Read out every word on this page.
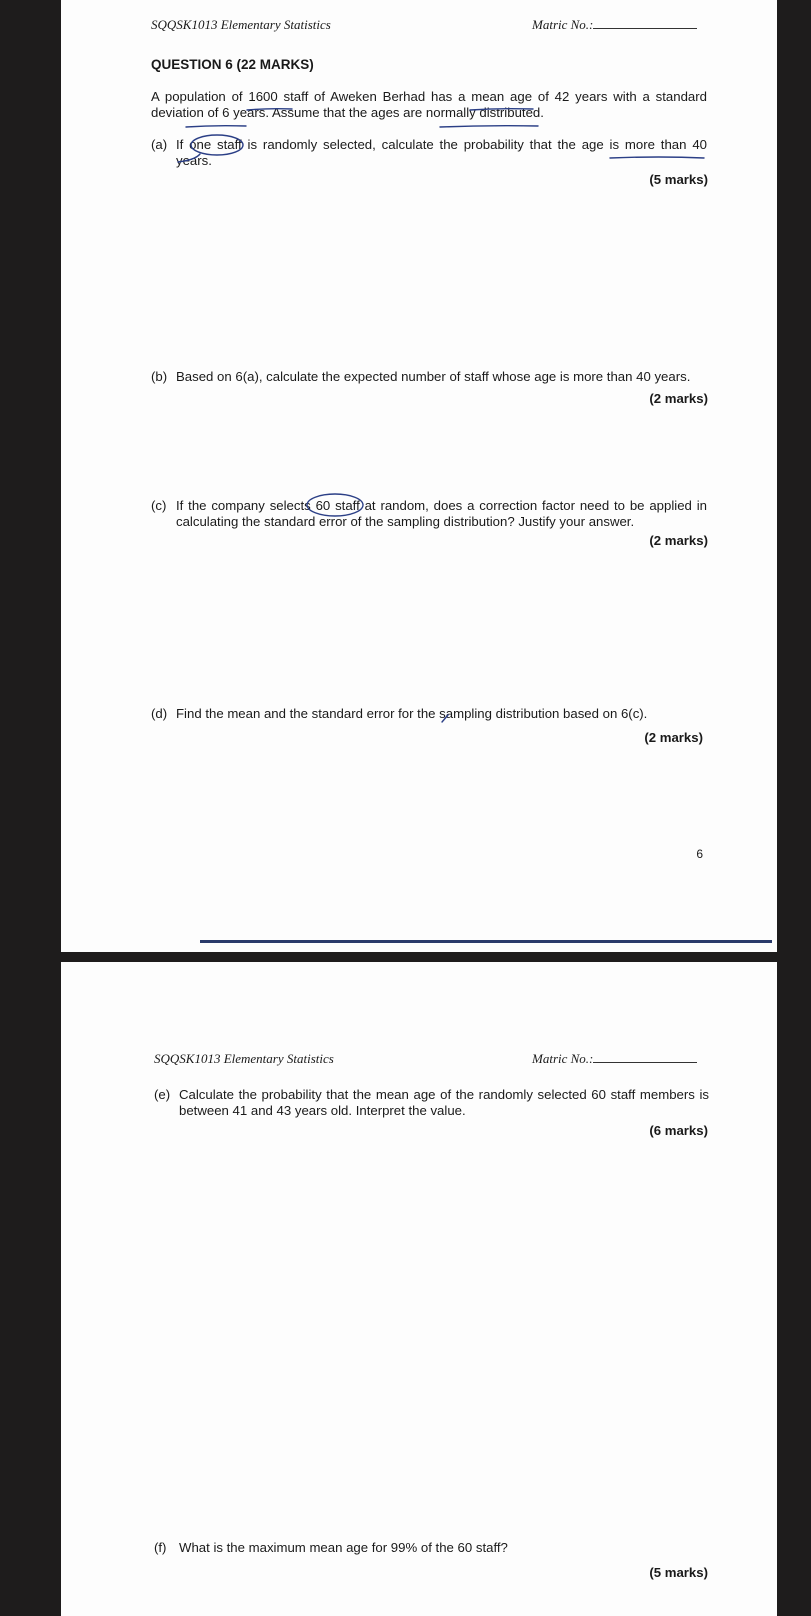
SQQSK1013 Elementary Statistics	Matric No.:
QUESTION 6 (22 MARKS)
A population of 1600 staff of Aweken Berhad has a mean age of 42 years with a standard deviation of 6 years. Assume that the ages are normally distributed.
(a) If one staff is randomly selected, calculate the probability that the age is more than 40 years.
(5 marks)
(b) Based on 6(a), calculate the expected number of staff whose age is more than 40 years.
(2 marks)
(c) If the company selects 60 staff at random, does a correction factor need to be applied in calculating the standard error of the sampling distribution? Justify your answer.
(2 marks)
(d) Find the mean and the standard error for the sampling distribution based on 6(c).
(2 marks)
6
SQQSK1013 Elementary Statistics	Matric No.:
(e) Calculate the probability that the mean age of the randomly selected 60 staff members is between 41 and 43 years old. Interpret the value.
(6 marks)
(f) What is the maximum mean age for 99% of the 60 staff?
(5 marks)
